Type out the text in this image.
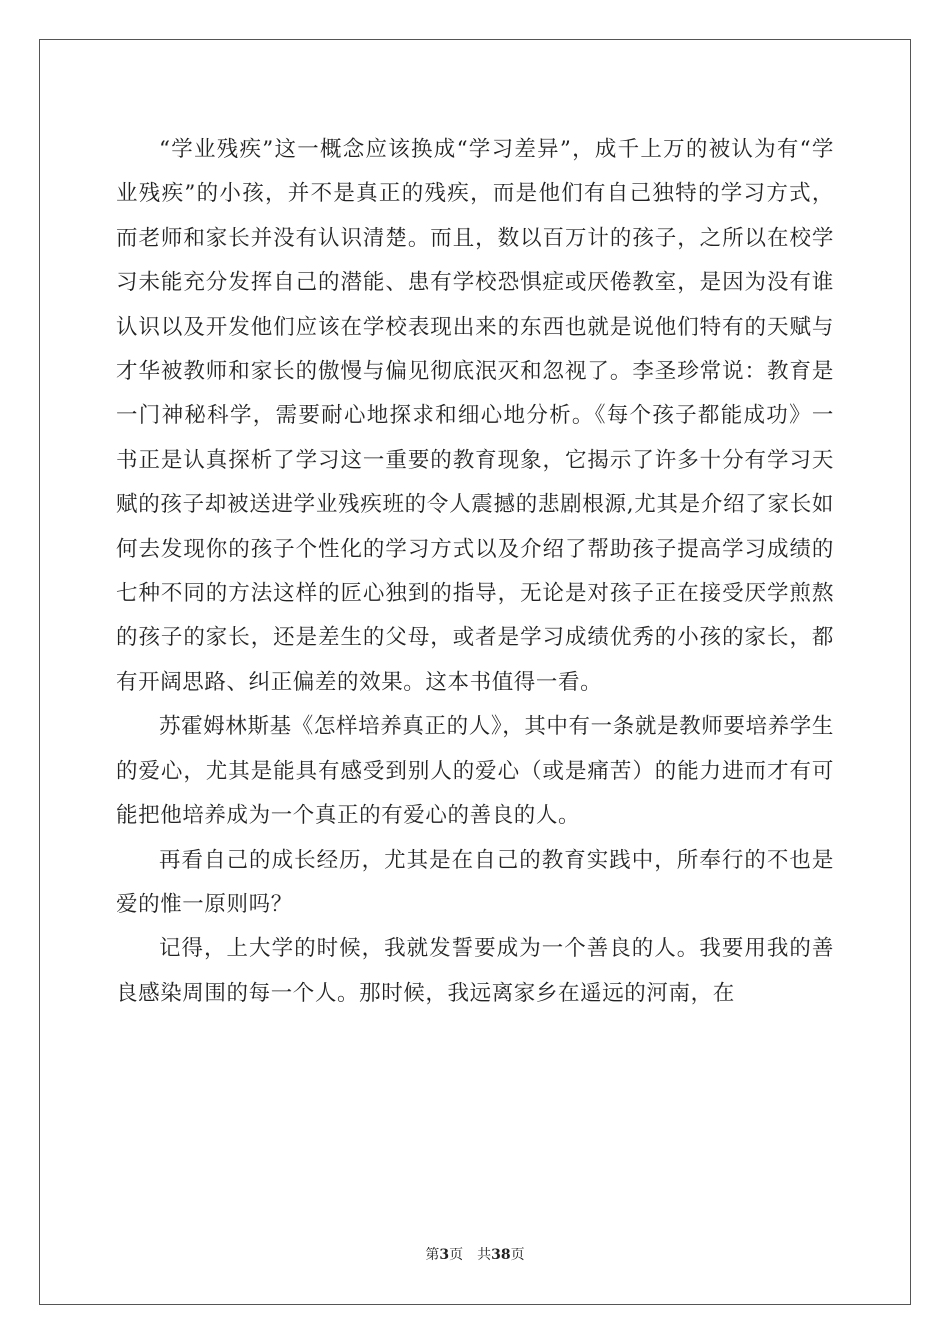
“学业残疾”这一概念应该换成“学习差异”，成千上万的被认为有“学业残疾”的小孩，并不是真正的残疾，而是他们有自己独特的学习方式，而老师和家长并没有认识清楚。而且，数以百万计的孩子，之所以在校学习未能充分发挥自己的潜能、患有学校恐惧症或厌倦教室，是因为没有谁认识以及开发他们应该在学校表现出来的东西也就是说他们特有的天赋与才华被教师和家长的傲慢与偏见彻底泯灭和忽视了。李圣珍常说：教育是一门神秘科学，需要耐心地探求和细心地分析。《每个孩子都能成功》一书正是认真探析了学习这一重要的教育现象，它揭示了许多十分有学习天赋的孩子却被送进学业残疾班的令人震撼的悲剧根源,尤其是介绍了家长如何去发现你的孩子个性化的学习方式以及介绍了帮助孩子提高学习成绩的七种不同的方法这样的匠心独到的指导，无论是对孩子正在接受厌学煎熬的孩子的家长，还是差生的父母，或者是学习成绩优秀的小孩的家长，都有开阔思路、纠正偏差的效果。这本书值得一看。

苏霍姆林斯基《怎样培养真正的人》，其中有一条就是教师要培养学生的爱心，尤其是能具有感受到别人的爱心（或是痛苦）的能力进而才有可能把他培养成为一个真正的有爱心的善良的人。

再看自己的成长经历，尤其是在自己的教育实践中，所奉行的不也是爱的惟一原则吗？

记得，上大学的时候，我就发誓要成为一个善良的人。我要用我的善良感染周围的每一个人。那时候，我远离家乡在遥远的河南，在

第3页 共38页
